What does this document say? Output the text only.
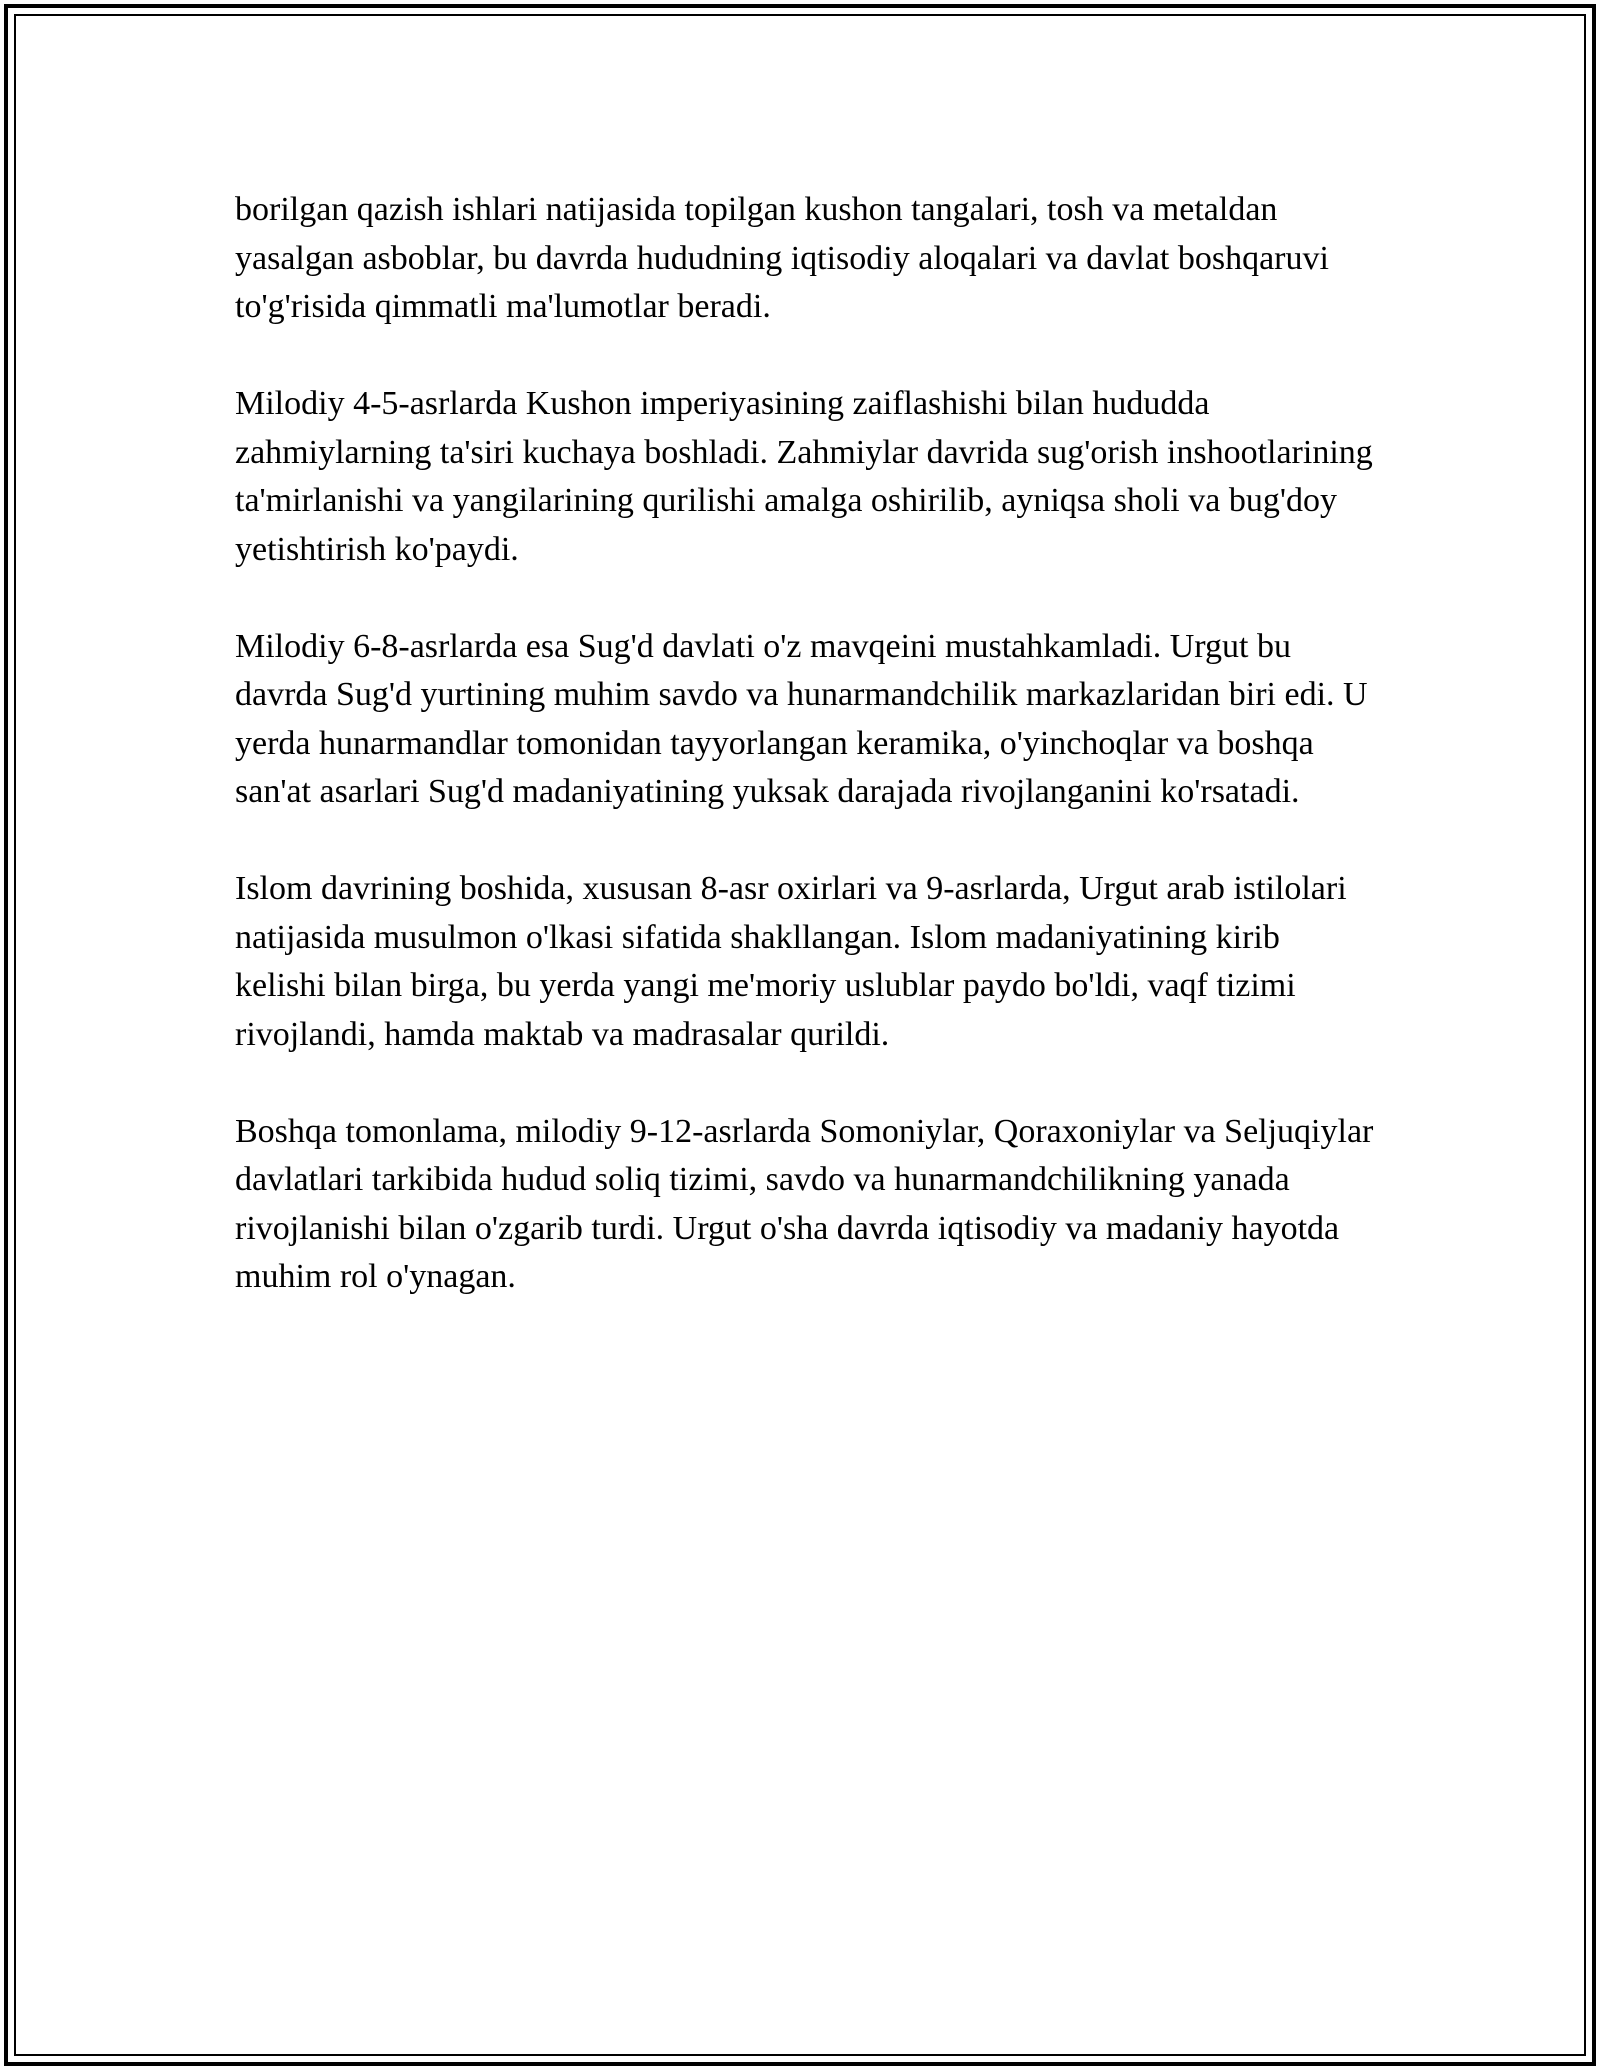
borilgan qazish ishlari natijasida topilgan kushon tangalari, tosh va metaldan yasalgan asboblar, bu davrda hududning iqtisodiy aloqalari va davlat boshqaruvi to'g'risida qimmatli ma'lumotlar beradi.

Milodiy 4-5-asrlarda Kushon imperiyasining zaiflashishi bilan hududda zahmiylarning ta'siri kuchaya boshladi. Zahmiylar davrida sug'orish inshootlarining ta'mirlanishi va yangilarining qurilishi amalga oshirilib, ayniqsa sholi va bug'doy yetishtirish ko'paydi.

Milodiy 6-8-asrlarda esa Sug'd davlati o'z mavqeini mustahkamladi. Urgut bu davrda Sug'd yurtining muhim savdo va hunarmandchilik markazlaridan biri edi. U yerda hunarmandlar tomonidan tayyorlangan keramika, o'yinchoqlar va boshqa san'at asarlari Sug'd madaniyatining yuksak darajada rivojlanganini ko'rsatadi.

Islom davrining boshida, xususan 8-asr oxirlari va 9-asrlarda, Urgut arab istilolari natijasida musulmon o'lkasi sifatida shakllangan. Islom madaniyatining kirib kelishi bilan birga, bu yerda yangi me'moriy uslublar paydo bo'ldi, vaqf tizimi rivojlandi, hamda maktab va madrasalar qurildi.

Boshqa tomonlama, milodiy 9-12-asrlarda Somoniylar, Qoraxoniylar va Seljuqiylar davlatlari tarkibida hudud soliq tizimi, savdo va hunarmandchilikning yanada rivojlanishi bilan o'zgarib turdi. Urgut o'sha davrda iqtisodiy va madaniy hayotda muhim rol o'ynagan.
